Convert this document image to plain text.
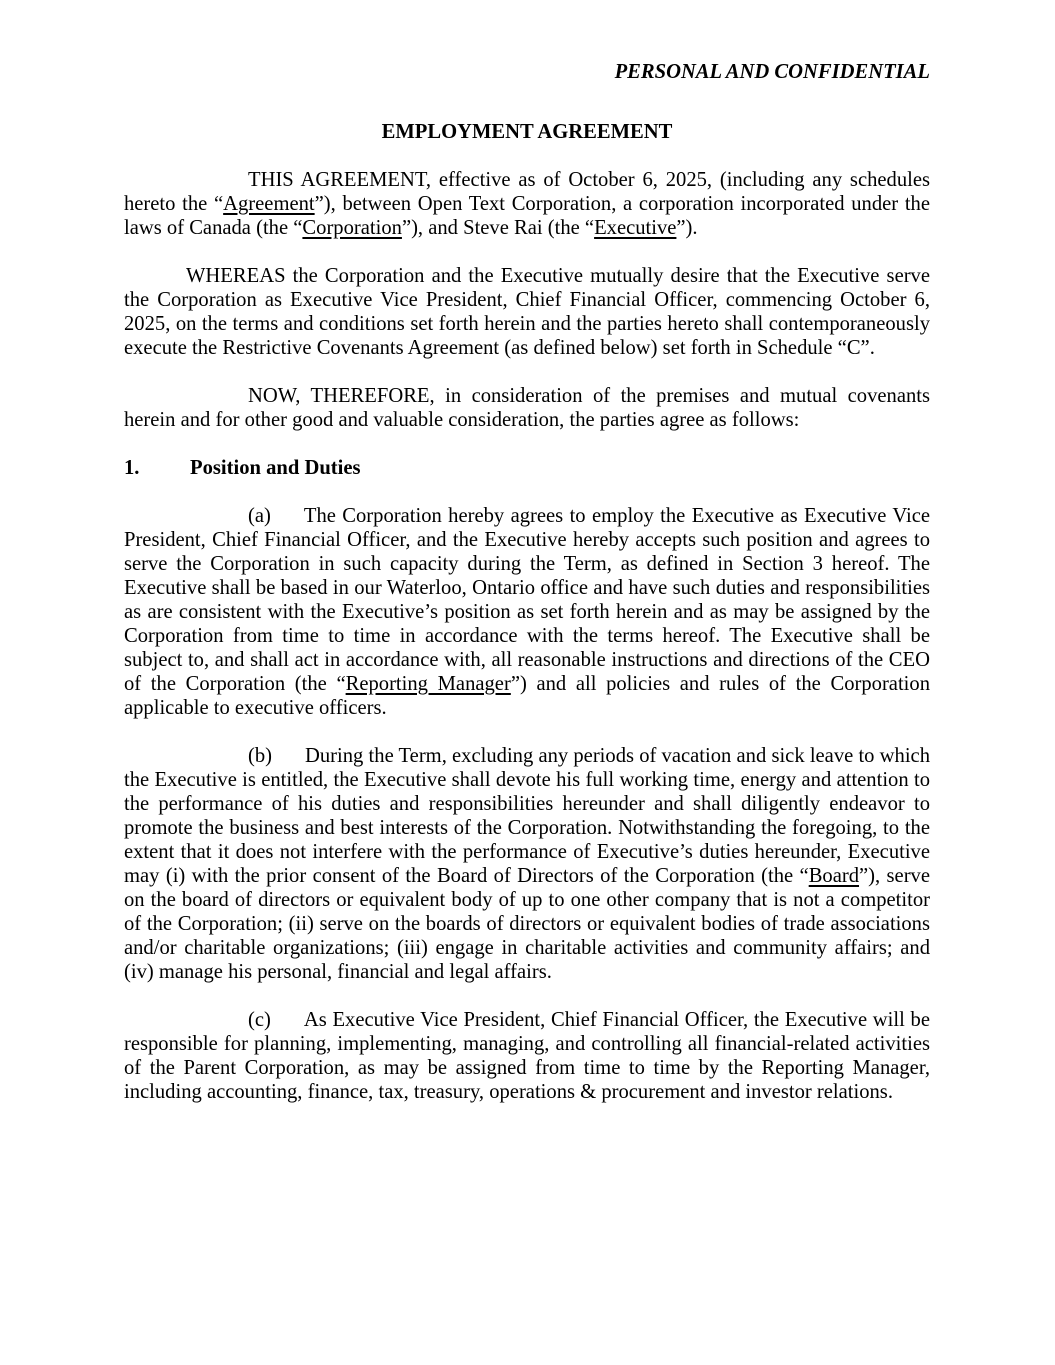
PERSONAL AND CONFIDENTIAL

EMPLOYMENT AGREEMENT

THIS AGREEMENT, effective as of October 6, 2025, (including any schedules hereto the “Agreement”), between Open Text Corporation, a corporation incorporated under the laws of Canada (the “Corporation”), and Steve Rai (the “Executive”).

WHEREAS the Corporation and the Executive mutually desire that the Executive serve the Corporation as Executive Vice President, Chief Financial Officer, commencing October 6, 2025, on the terms and conditions set forth herein and the parties hereto shall contemporaneously execute the Restrictive Covenants Agreement (as defined below) set forth in Schedule “C”.

NOW, THEREFORE, in consideration of the premises and mutual covenants herein and for other good and valuable consideration, the parties agree as follows:

1. Position and Duties

(a) The Corporation hereby agrees to employ the Executive as Executive Vice President, Chief Financial Officer, and the Executive hereby accepts such position and agrees to serve the Corporation in such capacity during the Term, as defined in Section 3 hereof. The Executive shall be based in our Waterloo, Ontario office and have such duties and responsibilities as are consistent with the Executive’s position as set forth herein and as may be assigned by the Corporation from time to time in accordance with the terms hereof. The Executive shall be subject to, and shall act in accordance with, all reasonable instructions and directions of the CEO of the Corporation (the “Reporting Manager”) and all policies and rules of the Corporation applicable to executive officers.

(b) During the Term, excluding any periods of vacation and sick leave to which the Executive is entitled, the Executive shall devote his full working time, energy and attention to the performance of his duties and responsibilities hereunder and shall diligently endeavor to promote the business and best interests of the Corporation. Notwithstanding the foregoing, to the extent that it does not interfere with the performance of Executive’s duties hereunder, Executive may (i) with the prior consent of the Board of Directors of the Corporation (the “Board”), serve on the board of directors or equivalent body of up to one other company that is not a competitor of the Corporation; (ii) serve on the boards of directors or equivalent bodies of trade associations and/or charitable organizations; (iii) engage in charitable activities and community affairs; and (iv) manage his personal, financial and legal affairs.

(c) As Executive Vice President, Chief Financial Officer, the Executive will be responsible for planning, implementing, managing, and controlling all financial-related activities of the Parent Corporation, as may be assigned from time to time by the Reporting Manager, including accounting, finance, tax, treasury, operations & procurement and investor relations.
